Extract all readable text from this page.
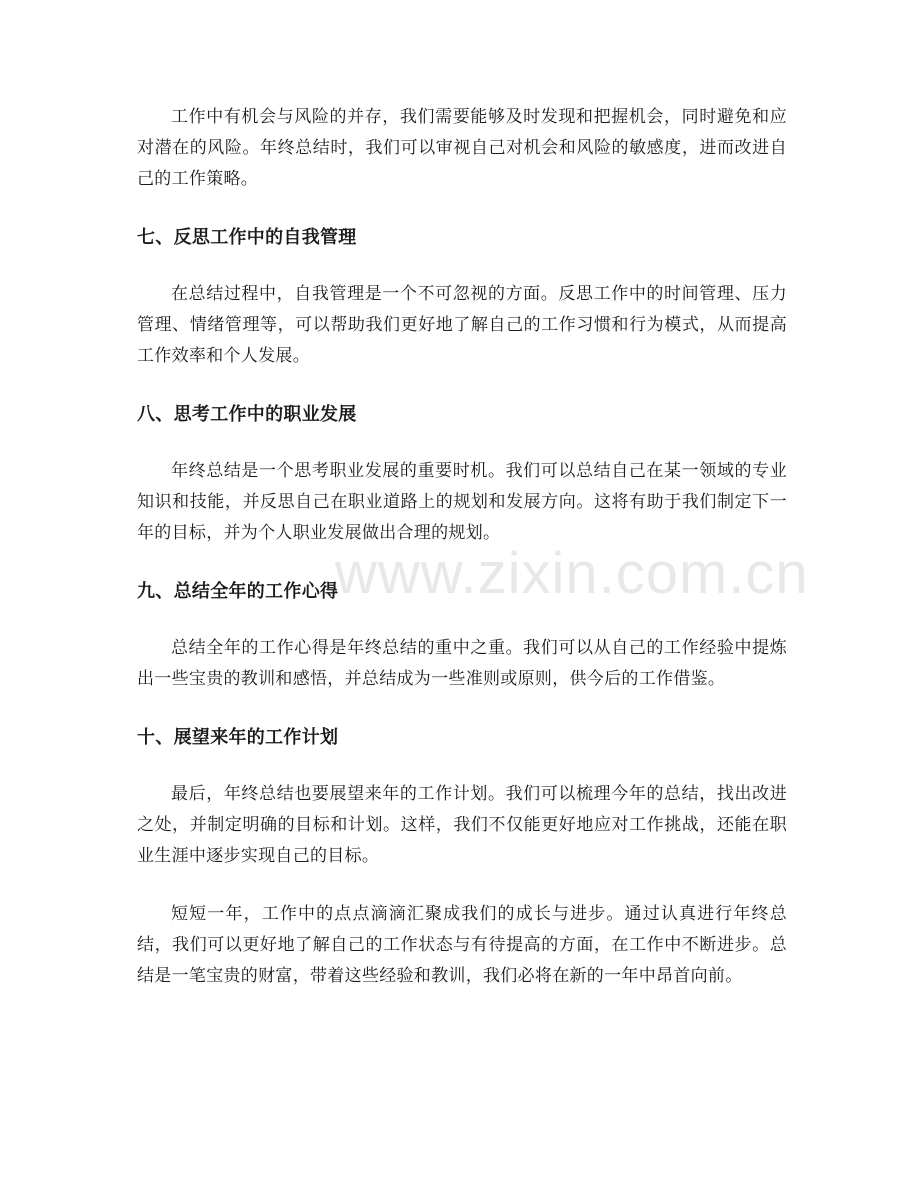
www.zixin.com.cn

工作中有机会与风险的并存，我们需要能够及时发现和把握机会，同时避免和应对潜在的风险。年终总结时，我们可以审视自己对机会和风险的敏感度，进而改进自己的工作策略。

七、反思工作中的自我管理

在总结过程中，自我管理是一个不可忽视的方面。反思工作中的时间管理、压力管理、情绪管理等，可以帮助我们更好地了解自己的工作习惯和行为模式，从而提高工作效率和个人发展。

八、思考工作中的职业发展

年终总结是一个思考职业发展的重要时机。我们可以总结自己在某一领域的专业知识和技能，并反思自己在职业道路上的规划和发展方向。这将有助于我们制定下一年的目标，并为个人职业发展做出合理的规划。

九、总结全年的工作心得

总结全年的工作心得是年终总结的重中之重。我们可以从自己的工作经验中提炼出一些宝贵的教训和感悟，并总结成为一些准则或原则，供今后的工作借鉴。

十、展望来年的工作计划

最后，年终总结也要展望来年的工作计划。我们可以梳理今年的总结，找出改进之处，并制定明确的目标和计划。这样，我们不仅能更好地应对工作挑战，还能在职业生涯中逐步实现自己的目标。

短短一年，工作中的点点滴滴汇聚成我们的成长与进步。通过认真进行年终总结，我们可以更好地了解自己的工作状态与有待提高的方面，在工作中不断进步。总结是一笔宝贵的财富，带着这些经验和教训，我们必将在新的一年中昂首向前。
